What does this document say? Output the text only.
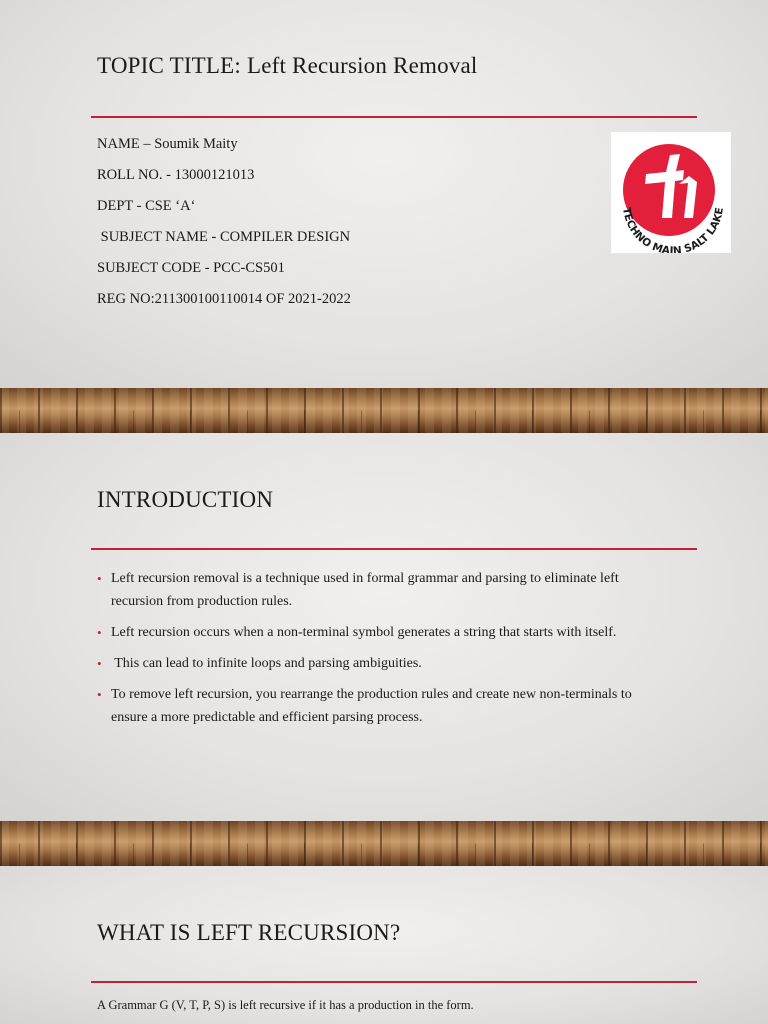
TOPIC TITLE: Left Recursion Removal
NAME – Soumik Maity
ROLL NO. - 13000121013
DEPT - CSE ‘A‘
SUBJECT NAME - COMPILER DESIGN
SUBJECT CODE - PCC-CS501
REG NO:211300100110014 OF 2021-2022
TECHNO MAIN SALT LAKE
INTRODUCTION
• Left recursion removal is a technique used in formal grammar and parsing to eliminate left recursion from production rules.
• Left recursion occurs when a non-terminal symbol generates a string that starts with itself.
•  This can lead to infinite loops and parsing ambiguities.
• To remove left recursion, you rearrange the production rules and create new non-terminals to ensure a more predictable and efficient parsing process.
WHAT IS LEFT RECURSION?
A Grammar G (V, T, P, S) is left recursive if it has a production in the form.
